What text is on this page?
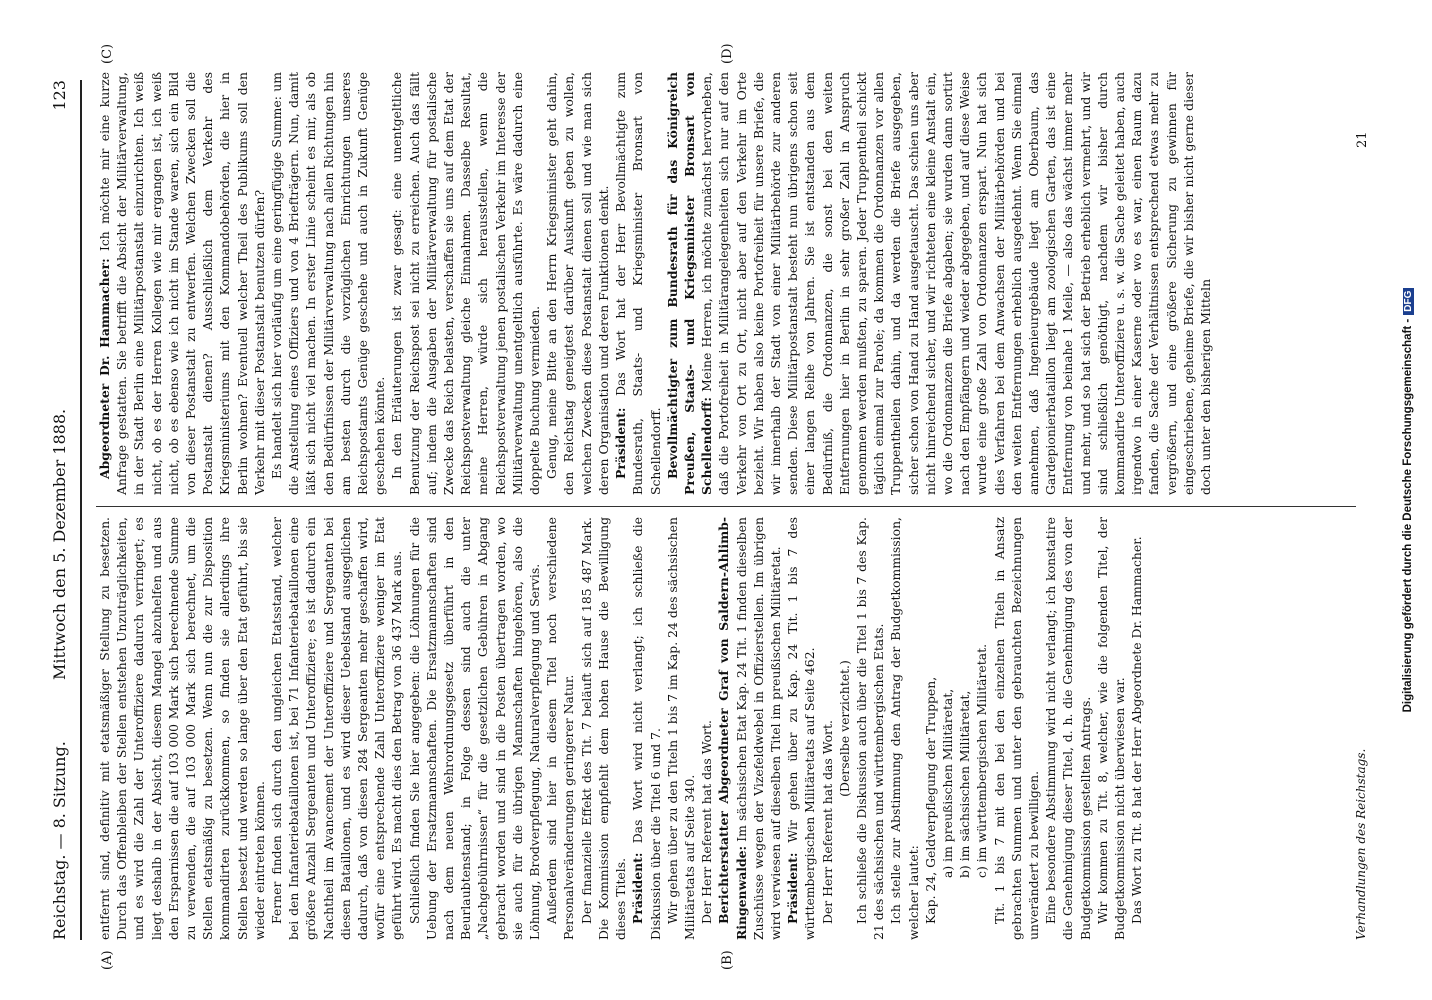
Reichstag. — 8. Sitzung.
Mittwoch den 5. Dezember 1888.
123
(A)	(B)
(C)	(D)

entfernt sind, definitiv mit etatsmäßiger Stellung zu besetzen. Durch das Offenbleiben der Stellen entstehen Unzuträglichkeiten, und es wird die Zahl der Unteroffiziere dadurch verringert; es liegt deshalb in der Absicht, diesem Mangel abzuhelfen und aus den Ersparnissen die auf 103 000 Mark sich berechnende Summe zu verwenden, die auf 103 000 Mark sich berechnet, um die Stellen etatsmäßig zu besetzen. Wenn nun die zur Disposition kommandirten zurückkommen, so finden sie allerdings ihre Stellen besetzt und werden so lange über den Etat geführt, bis sie wieder eintreten können. Ferner finden sich durch den ungleichen Etatsstand, welcher bei den Infanteriebataillonen ist, bei 71 Infanteriebataillonen eine größere Anzahl Sergeanten und Unteroffiziere; es ist dadurch ein Nachtheil im Avancement der Unteroffiziere und Sergeanten bei diesen Bataillonen, und es wird dieser Uebelstand ausgeglichen dadurch, daß von diesen 284 Sergeanten mehr geschaffen wird, wofür eine entsprechende Zahl Unteroffiziere weniger im Etat geführt wird. Es macht dies den Betrag von 36 437 Mark aus. Schließlich finden Sie hier angegeben: die Löhnungen für die Uebung der Ersatzmannschaften. Die Ersatzmannschaften sind nach dem neuen Wehrordnungsgesetz überführt in den Beurlaubtenstand; in Folge dessen sind auch die unter „Nachgebührnissen“ für die gesetzlichen Gebühren in Abgang gebracht worden und sind in die Posten übertragen worden, wo sie auch für die übrigen Mannschaften hingehören, also die Löhnung, Brodverpflegung, Naturalverpflegung und Servis. Außerdem sind hier in diesem Titel noch verschiedene Personalveränderungen geringerer Natur. Der finanzielle Effekt des Tit. 7 beläuft sich auf 185 487 Mark. Die Kommission empfiehlt dem hohen Hause die Bewilligung dieses Titels. Präsident: Das Wort wird nicht verlangt; ich schließe die Diskussion über die Titel 6 und 7. Wir gehen über zu den Titeln 1 bis 7 im Kap. 24 des sächsischen Militäretats auf Seite 340. Der Herr Referent hat das Wort. Berichterstatter Abgeordneter Graf von Saldern-Ahlimb-Ringenwalde: Im sächsischen Etat Kap. 24 Tit. 1 finden dieselben Zuschüsse wegen der Vizefeldwebel in Offizierstellen. Im übrigen wird verwiesen auf dieselben Titel im preußischen Militäretat. Präsident: Wir gehen über zu Kap. 24 Tit. 1 bis 7 des württembergischen Militäretats auf Seite 462. Der Herr Referent hat das Wort. (Derselbe verzichtet.) Ich schließe die Diskussion auch über die Titel 1 bis 7 des Kap. 21 des sächsischen und württembergischen Etats. Ich stelle zur Abstimmung den Antrag der Budgetkommission, welcher lautet: Kap. 24, Geldverpflegung der Truppen, a) im preußischen Militäretat, b) im sächsischen Militäretat, c) im württembergischen Militäretat. Tit. 1 bis 7 mit den bei den einzelnen Titeln in Ansatz gebrachten Summen und unter den gebrauchten Bezeichnungen unverändert zu bewilligen. Eine besondere Abstimmung wird nicht verlangt; ich konstatire die Genehmigung dieser Titel, d. h. die Genehmigung des von der Budgetkommission gestellten Antrags. Wir kommen zu Tit. 8, welcher, wie die folgenden Titel, der Budgetkommission nicht überwiesen war. Das Wort zu Tit. 8 hat der Herr Abgeordnete Dr. Hammacher.

Abgeordneter Dr. Hammacher: Ich möchte mir eine kurze Anfrage gestatten. Sie betrifft die Absicht der Militärverwaltung, in der Stadt Berlin eine Militärpostanstalt einzurichten. Ich weiß nicht, ob es der Herren Kollegen wie mir ergangen ist, ich weiß nicht, ob es ebenso wie ich nicht im Stande waren, sich ein Bild von dieser Postanstalt zu entwerfen. Welchen Zwecken soll die Postanstalt dienen? Ausschließlich dem Verkehr des Kriegsministeriums mit den Kommandobehörden, die hier in Berlin wohnen? Eventuell welcher Theil des Publikums soll den Verkehr mit dieser Postanstalt benutzen dürfen? Es handelt sich hier vorläufig um eine geringfügige Summe: um die Anstellung eines Offiziers und von 4 Briefträgern. Nun, damit läßt sich nicht viel machen. In erster Linie scheint es mir, als ob den Bedürfnissen der Militärverwaltung nach allen Richtungen hin am besten durch die vorzüglichen Einrichtungen unseres Reichspostamts Genüge geschehe und auch in Zukunft Genüge geschehen könnte. In den Erläuterungen ist zwar gesagt: eine unentgeltliche Benutzung der Reichspost sei nicht zu erreichen. Auch das fällt auf; indem die Ausgaben der Militärverwaltung für postalische Zwecke das Reich belasten, verschaffen sie uns auf dem Etat der Reichspostverwaltung gleiche Einnahmen. Dasselbe Resultat, meine Herren, würde sich herausstellen, wenn die Reichspostverwaltung jenen postalischen Verkehr im Interesse der Militärverwaltung unentgeltlich ausführte. Es wäre dadurch eine doppelte Buchung vermieden. Genug, meine Bitte an den Herrn Kriegsminister geht dahin, den Reichstag geneigtest darüber Auskunft geben zu wollen, welchen Zwecken diese Postanstalt dienen soll und wie man sich deren Organisation und deren Funktionen denkt. Präsident: Das Wort hat der Herr Bevollmächtigte zum Bundesrath, Staats- und Kriegsminister Bronsart von Schellendorff. Bevollmächtigter zum Bundesrath für das Königreich Preußen, Staats- und Kriegsminister Bronsart von Schellendorff: Meine Herren, ich möchte zunächst hervorheben, daß die Portofreiheit in Militärangelegenheiten sich nur auf den Verkehr von Ort zu Ort, nicht aber auf den Verkehr im Orte bezieht. Wir haben also keine Portofreiheit für unsere Briefe, die wir innerhalb der Stadt von einer Militärbehörde zur anderen senden. Diese Militärpostanstalt besteht nun übrigens schon seit einer langen Reihe von Jahren. Sie ist entstanden aus dem Bedürfniß, die Ordonnanzen, die sonst bei den weiten Entfernungen hier in Berlin in sehr großer Zahl in Anspruch genommen werden mußten, zu sparen. Jeder Truppentheil schickt täglich einmal zur Parole; da kommen die Ordonnanzen vor allen Truppentheilen dahin, und da werden die Briefe ausgegeben, sicher schon von Hand zu Hand ausgetauscht. Das schien uns aber nicht hinreichend sicher, und wir richteten eine kleine Anstalt ein, wo die Ordonnanzen die Briefe abgaben; sie wurden dann sortirt nach den Empfängern und wieder abgegeben, und auf diese Weise wurde eine große Zahl von Ordonnanzen erspart. Nun hat sich dies Verfahren bei dem Anwachsen der Militärbehörden und bei den weiten Entfernungen erheblich ausgedehnt. Wenn Sie einmal annehmen, daß Ingenieurgebäude liegt am Oberbaum, das Gardepionierbataillon liegt am zoologischen Garten, das ist eine Entfernung von beinahe 1 Meile, — also das wächst immer mehr und mehr, und so hat sich der Betrieb erheblich vermehrt, und wir sind schließlich genöthigt, nachdem wir bisher durch kommandirte Unteroffiziere u. s. w. die Sache geleitet haben, auch irgendwo in einer Kaserne oder wo es war, einen Raum dazu fanden, die Sache der Verhältnissen entsprechend etwas mehr zu vergrößern, und eine größere Sicherung zu gewinnen für eingeschriebene, geheime Briefe, die wir bisher nicht gerne dieser doch unter den bisherigen Mitteln

Verhandlungen des Reichstags.
21
Digitalisierung gefördert durch die Deutsche Forschungsgemeinschaft -DFG
